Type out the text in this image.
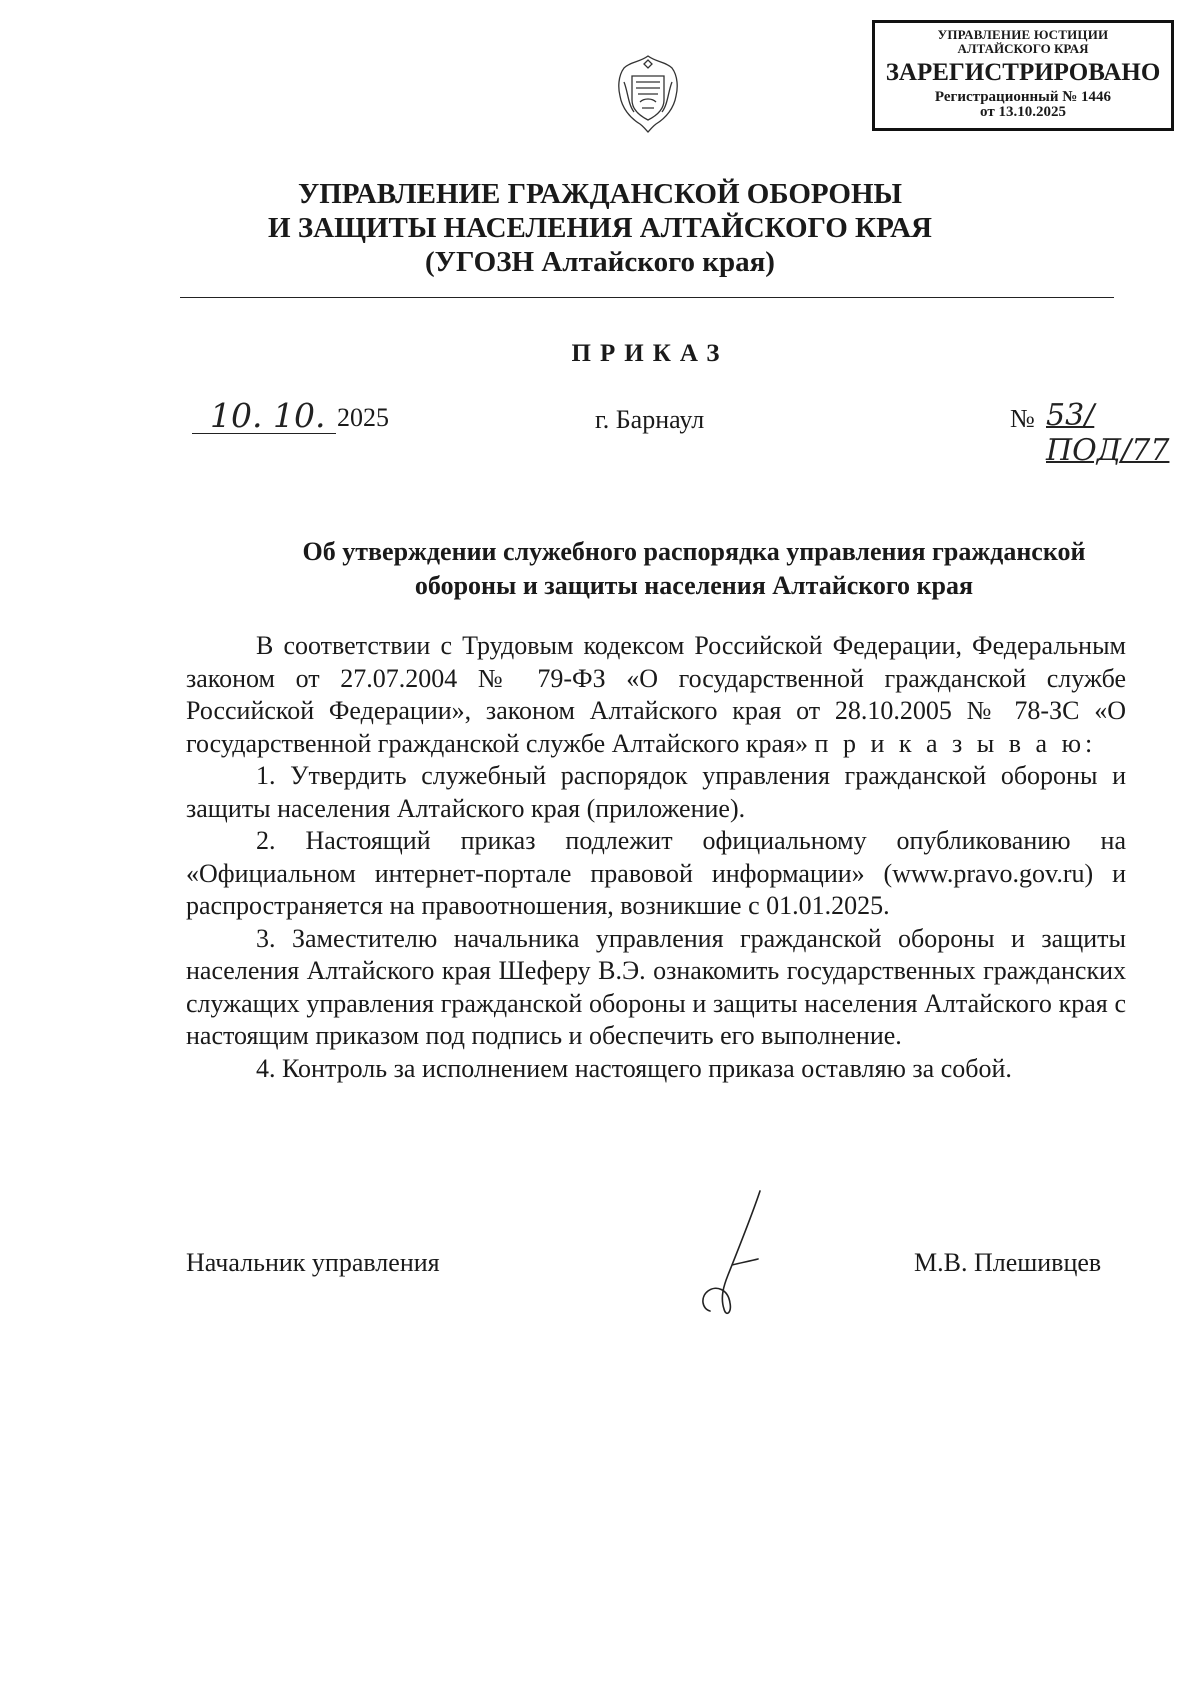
УПРАВЛЕНИЕ ЮСТИЦИИ
АЛТАЙСКОГО КРАЯ
ЗАРЕГИСТРИРОВАНО
Регистрационный № 1446
от 13.10.2025
УПРАВЛЕНИЕ ГРАЖДАНСКОЙ ОБОРОНЫ
И ЗАЩИТЫ НАСЕЛЕНИЯ АЛТАЙСКОГО КРАЯ
(УГОЗН Алтайского края)
ПРИКАЗ
10. 10. 2025	г. Барнаул	№ 53/ПОД/77
Об утверждении служебного распорядка управления гражданской
обороны и защиты населения Алтайского края

В соответствии с Трудовым кодексом Российской Федерации, Федеральным законом от 27.07.2004 № 79-ФЗ «О государственной гражданской службе Российской Федерации», законом Алтайского края от 28.10.2005 № 78-ЗС «О государственной гражданской службе Алтайского края» п р и к а з ы в а ю:

1. Утвердить служебный распорядок управления гражданской обороны и защиты населения Алтайского края (приложение).

2. Настоящий приказ подлежит официальному опубликованию на «Официальном интернет-портале правовой информации» (www.pravo.gov.ru) и распространяется на правоотношения, возникшие с 01.01.2025.

3. Заместителю начальника управления гражданской обороны и защиты населения Алтайского края Шеферу В.Э. ознакомить государственных гражданских служащих управления гражданской обороны и защиты населения Алтайского края с настоящим приказом под подпись и обеспечить его выполнение.

4. Контроль за исполнением настоящего приказа оставляю за собой.

Начальник управления	М.В. Плешивцев
